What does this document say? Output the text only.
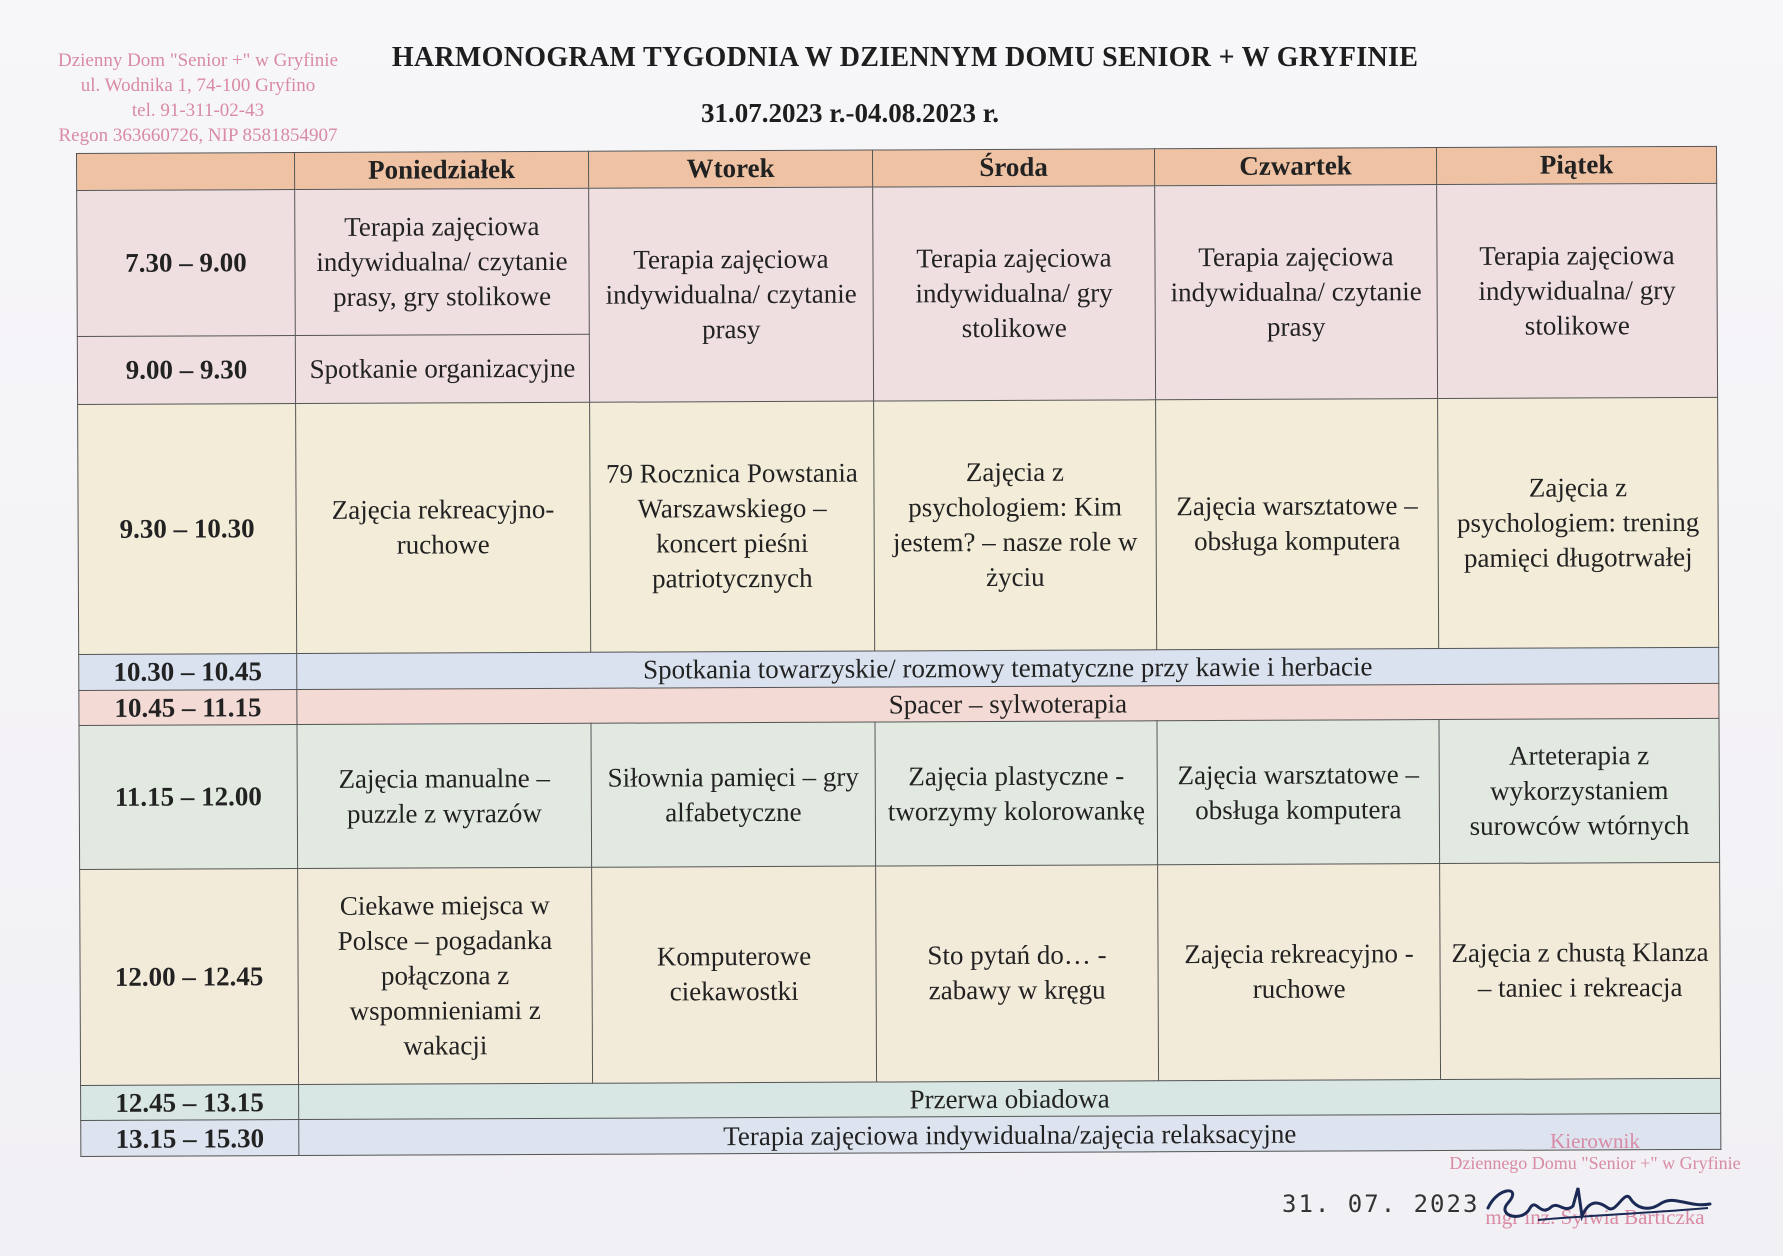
Dzienny Dom "Senior +" w Gryfinie
ul. Wodnika 1, 74-100 Gryfino
tel. 91-311-02-43
Regon 363660726, NIP 8581854907
HARMONOGRAM TYGODNIA W DZIENNYM DOMU SENIOR + W GRYFINIE
31.07.2023 r.-04.08.2023 r.
	Poniedziałek	Wtorek	Środa	Czwartek	Piątek
7.30 – 9.00	Terapia zajęciowa indywidualna/ czytanie prasy, gry stolikowe	Terapia zajęciowa indywidualna/ czytanie prasy	Terapia zajęciowa indywidualna/ gry stolikowe	Terapia zajęciowa indywidualna/ czytanie prasy	Terapia zajęciowa indywidualna/ gry stolikowe
9.00 – 9.30	Spotkanie organizacyjne				
9.30 – 10.30	Zajęcia rekreacyjno-ruchowe	79 Rocznica Powstania Warszawskiego – koncert pieśni patriotycznych	Zajęcia z psychologiem: Kim jestem? – nasze role w życiu	Zajęcia warsztatowe – obsługa komputera	Zajęcia z psychologiem: trening pamięci długotrwałej
10.30 – 10.45	Spotkania towarzyskie/ rozmowy tematyczne przy kawie i herbacie				
10.45 – 11.15	Spacer – sylwoterapia				
11.15 – 12.00	Zajęcia manualne – puzzle z wyrazów	Siłownia pamięci – gry alfabetyczne	Zajęcia plastyczne - tworzymy kolorowankę	Zajęcia warsztatowe – obsługa komputera	Arteterapia z wykorzystaniem surowców wtórnych
12.00 – 12.45	Ciekawe miejsca w Polsce – pogadanka połączona z wspomnieniami z wakacji	Komputerowe ciekawostki	Sto pytań do… - zabawy w kręgu	Zajęcia rekreacyjno - ruchowe	Zajęcia z chustą Klanza – taniec i rekreacja
12.45 – 13.15	Przerwa obiadowa				
13.15 – 15.30	Terapia zajęciowa indywidualna/zajęcia relaksacyjne				
31. 07. 2023
Kierownik
Dziennego Domu "Senior +" w Gryfinie
mgr inż. Sylwia Barticzka
